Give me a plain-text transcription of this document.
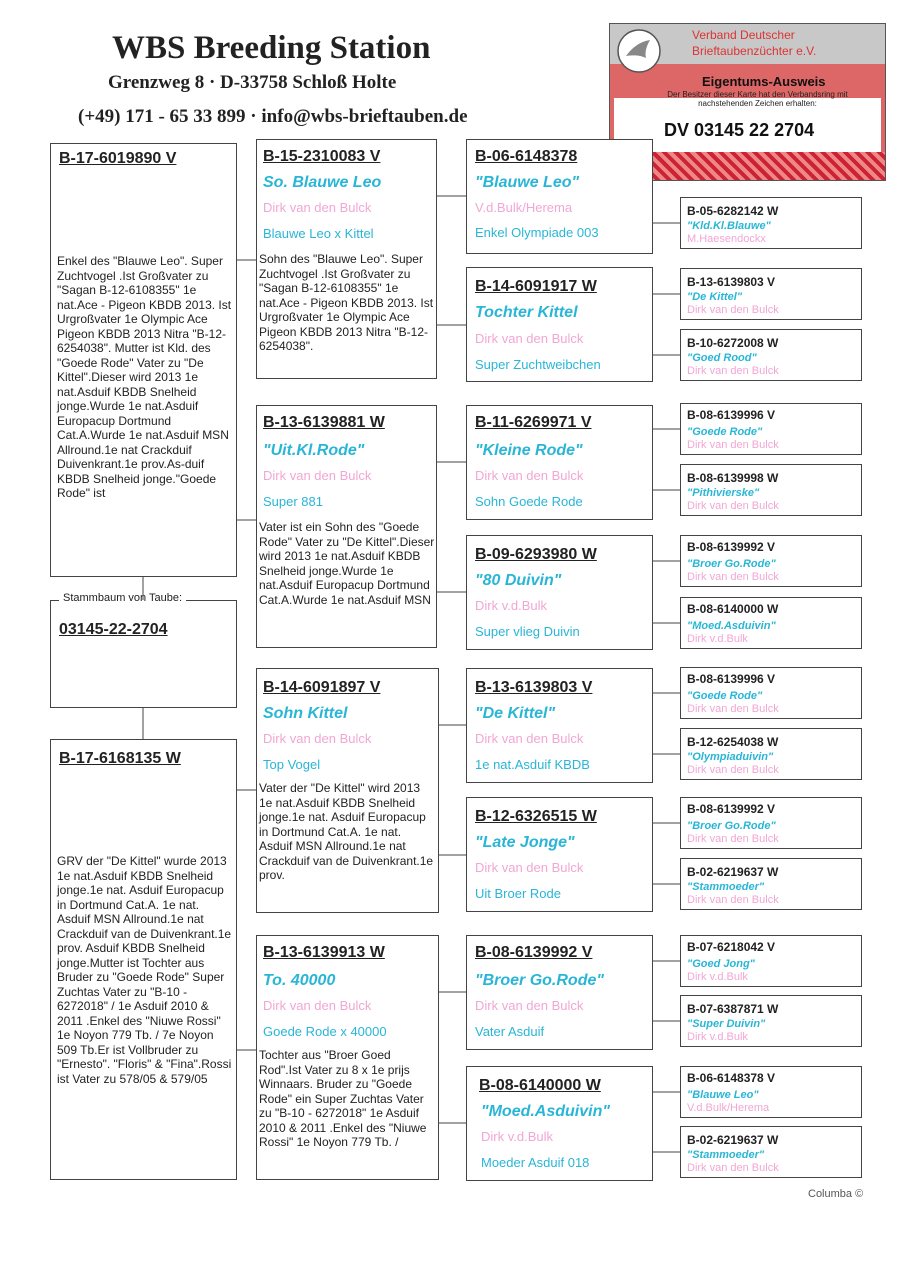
WBS Breeding Station
Grenzweg 8 · D-33758 Schloß Holte
(+49) 171 - 65 33 899 · info@wbs-brieftauben.de
Verband Deutscher
Brieftaubenzüchter e.V.
Eigentums-Ausweis
Der Besitzer dieser Karte hat den Verbandsring mit nachstehenden Zeichen erhalten:
DV 03145 22 2704
B-17-6019890 V
Enkel des "Blauwe Leo". Super Zuchtvogel .Ist Großvater zu "Sagan B-12-6108355" 1e nat.Ace - Pigeon KBDB 2013. Ist Urgroßvater 1e Olympic Ace Pigeon KBDB 2013 Nitra "B-12-6254038". Mutter ist Kld. des "Goede Rode" Vater zu "De Kittel".Dieser wird 2013 1e nat.Asduif KBDB Snelheid jonge.Wurde 1e nat.Asduif Europacup Dortmund Cat.A.Wurde 1e nat.Asduif MSN Allround.1e nat Crackduif Duivenkrant.1e prov.As-duif KBDB Snelheid jonge."Goede Rode" ist
Stammbaum von Taube:
03145-22-2704
B-17-6168135 W
GRV der "De Kittel" wurde 2013 1e nat.Asduif KBDB Snelheid jonge.1e nat. Asduif Europacup in Dortmund Cat.A. 1e nat. Asduif MSN Allround.1e nat Crackduif van de Duivenkrant.1e prov. Asduif KBDB Snelheid jonge.Mutter ist Tochter aus Bruder zu "Goede Rode" Super Zuchtas Vater zu "B-10 - 6272018" / 1e Asduif 2010 & 2011 .Enkel des "Niuwe Rossi" 1e Noyon 779 Tb. / 7e Noyon 509 Tb.Er ist Vollbruder zu "Ernesto". "Floris" & "Fina".Rossi ist Vater zu 578/05 & 579/05
B-15-2310083 V
So. Blauwe Leo
Dirk van den Bulck
Blauwe Leo x Kittel
Sohn des "Blauwe Leo". Super Zuchtvogel .Ist Großvater zu "Sagan B-12-6108355" 1e nat.Ace - Pigeon KBDB 2013. Ist Urgroßvater 1e Olympic Ace Pigeon KBDB 2013 Nitra "B-12-6254038".
B-13-6139881 W
"Uit.Kl.Rode"
Dirk van den Bulck
Super 881
Vater ist ein Sohn des "Goede Rode" Vater zu "De Kittel".Dieser wird 2013 1e nat.Asduif KBDB Snelheid jonge.Wurde 1e nat.Asduif Europacup Dortmund Cat.A.Wurde 1e nat.Asduif MSN
B-14-6091897 V
Sohn Kittel
Dirk van den Bulck
Top Vogel
Vater der "De Kittel" wird 2013 1e nat.Asduif KBDB Snelheid jonge.1e nat. Asduif Europacup in Dortmund Cat.A. 1e nat. Asduif MSN Allround.1e nat Crackduif van de Duivenkrant.1e prov.
B-13-6139913 W
To. 40000
Dirk van den Bulck
Goede Rode x 40000
Tochter aus "Broer Goed Rod".Ist Vater zu 8 x 1e prijs Winnaars. Bruder zu "Goede Rode" ein Super Zuchtas Vater zu "B-10 - 6272018" 1e Asduif 2010 & 2011 .Enkel des "Niuwe Rossi" 1e Noyon 779 Tb. /
B-06-6148378
"Blauwe Leo"
V.d.Bulk/Herema
Enkel Olympiade 003
B-14-6091917 W
Tochter Kittel
Dirk van den Bulck
Super Zuchtweibchen
B-11-6269971 V
"Kleine Rode"
Dirk van den Bulck
Sohn Goede Rode
B-09-6293980 W
"80 Duivin"
Dirk v.d.Bulk
Super vlieg Duivin
B-13-6139803 V
"De Kittel"
Dirk van den Bulck
1e nat.Asduif KBDB
B-12-6326515 W
"Late Jonge"
Dirk van den Bulck
Uit Broer Rode
B-08-6139992 V
"Broer Go.Rode"
Dirk van den Bulck
Vater Asduif
B-08-6140000 W
"Moed.Asduivin"
Dirk v.d.Bulk
Moeder Asduif 018
B-05-6282142 W
"Kld.Kl.Blauwe"
M.Haesendockx
B-13-6139803 V
"De Kittel"
Dirk van den Bulck
B-10-6272008 W
"Goed Rood"
Dirk van den Bulck
B-08-6139996 V
"Goede Rode"
Dirk van den Bulck
B-08-6139998 W
"Pithivierske"
Dirk van den Bulck
B-08-6139992 V
"Broer Go.Rode"
Dirk van den Bulck
B-08-6140000 W
"Moed.Asduivin"
Dirk v.d.Bulk
B-08-6139996 V
"Goede Rode"
Dirk van den Bulck
B-12-6254038 W
"Olympiaduivin"
Dirk van den Bulck
B-08-6139992 V
"Broer Go.Rode"
Dirk van den Bulck
B-02-6219637 W
"Stammoeder"
Dirk van den Bulck
B-07-6218042 V
"Goed Jong"
Dirk v.d.Bulk
B-07-6387871 W
"Super Duivin"
Dirk v.d.Bulk
B-06-6148378 V
"Blauwe Leo"
V.d.Bulk/Herema
B-02-6219637 W
"Stammoeder"
Dirk van den Bulck
Columba ©
